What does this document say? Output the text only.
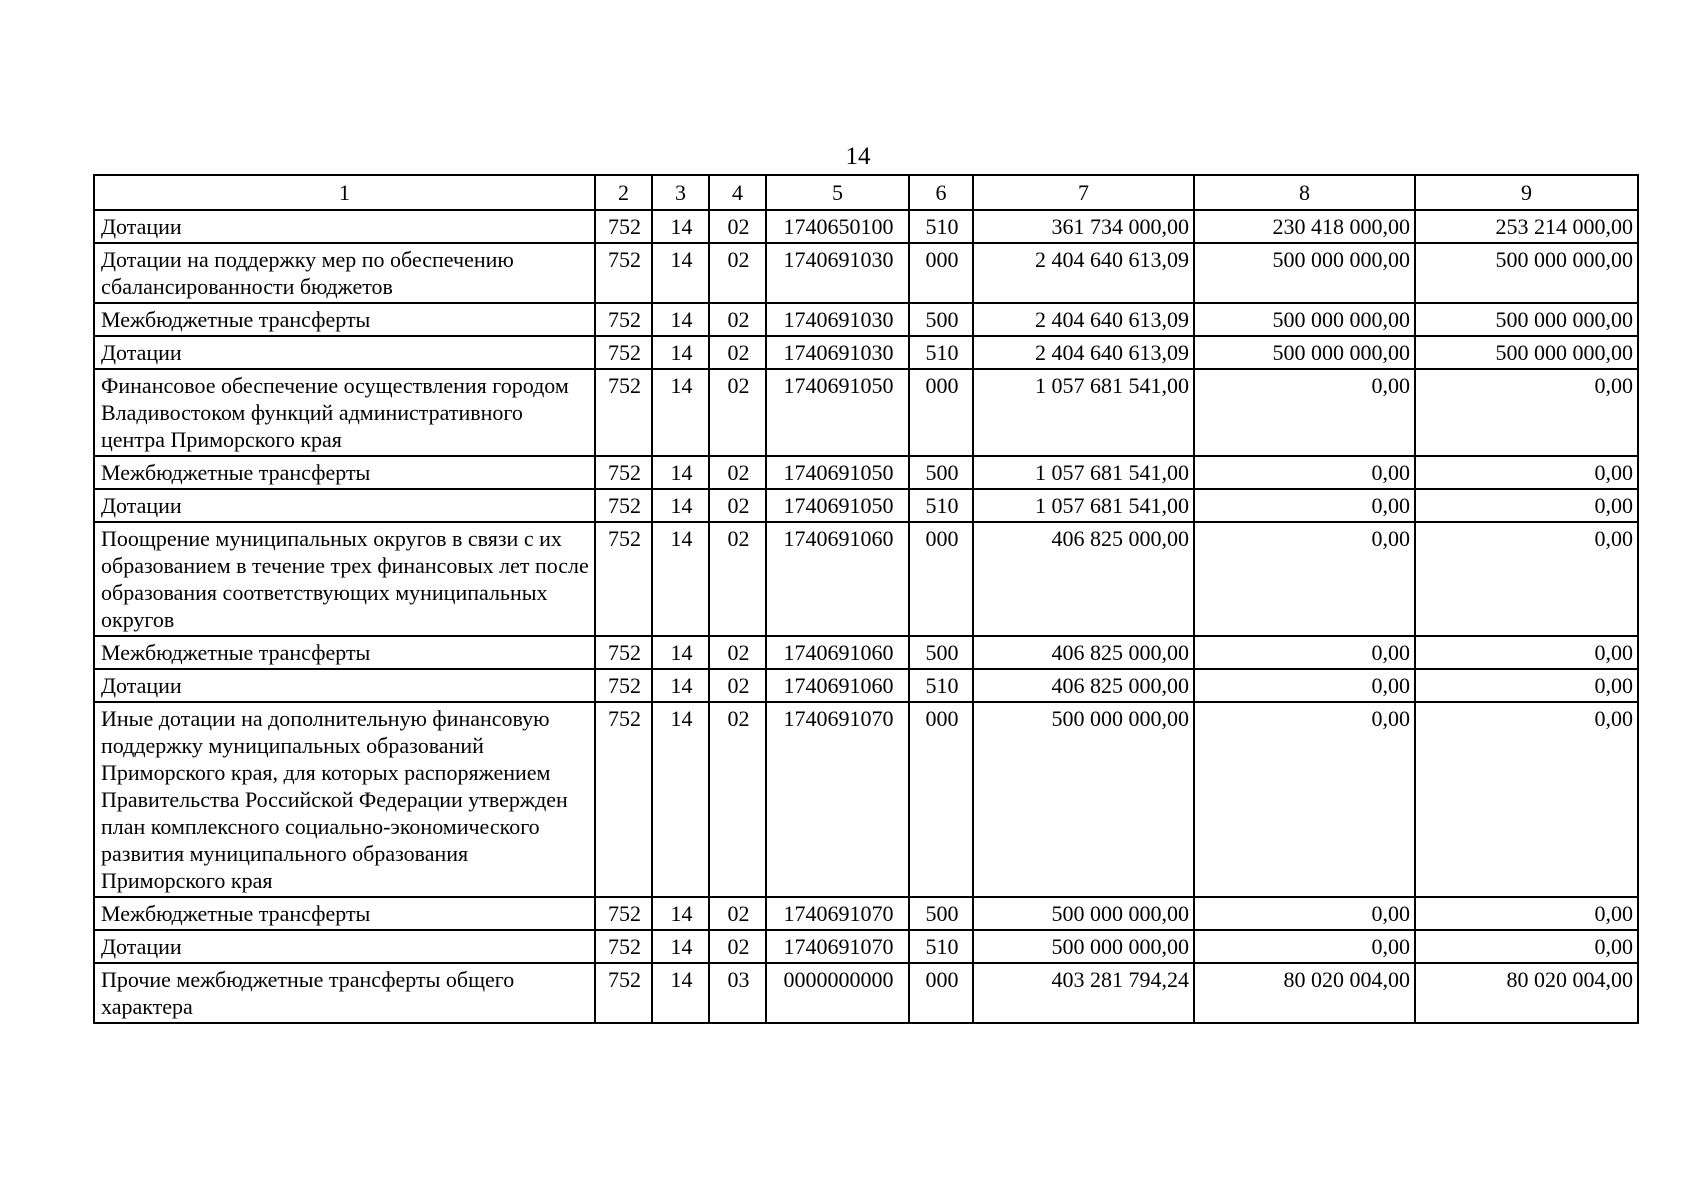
14
1	2	3	4	5	6	7	8	9
Дотации	752	14	02	1740650100	510	361 734 000,00	230 418 000,00	253 214 000,00
Дотации на поддержку мер по обеспечению сбалансированности бюджетов	752	14	02	1740691030	000	2 404 640 613,09	500 000 000,00	500 000 000,00
Межбюджетные трансферты	752	14	02	1740691030	500	2 404 640 613,09	500 000 000,00	500 000 000,00
Дотации	752	14	02	1740691030	510	2 404 640 613,09	500 000 000,00	500 000 000,00
Финансовое обеспечение осуществления городом Владивостоком функций административного центра Приморского края	752	14	02	1740691050	000	1 057 681 541,00	0,00	0,00
Межбюджетные трансферты	752	14	02	1740691050	500	1 057 681 541,00	0,00	0,00
Дотации	752	14	02	1740691050	510	1 057 681 541,00	0,00	0,00
Поощрение муниципальных округов в связи с их образованием в течение трех финансовых лет после образования соответствующих муниципальных округов	752	14	02	1740691060	000	406 825 000,00	0,00	0,00
Межбюджетные трансферты	752	14	02	1740691060	500	406 825 000,00	0,00	0,00
Дотации	752	14	02	1740691060	510	406 825 000,00	0,00	0,00
Иные дотации на дополнительную финансовую поддержку муниципальных образований Приморского края, для которых распоряжением Правительства Российской Федерации утвержден план комплексного социально-экономического развития муниципального образования Приморского края	752	14	02	1740691070	000	500 000 000,00	0,00	0,00
Межбюджетные трансферты	752	14	02	1740691070	500	500 000 000,00	0,00	0,00
Дотации	752	14	02	1740691070	510	500 000 000,00	0,00	0,00
Прочие межбюджетные трансферты общего характера	752	14	03	0000000000	000	403 281 794,24	80 020 004,00	80 020 004,00
